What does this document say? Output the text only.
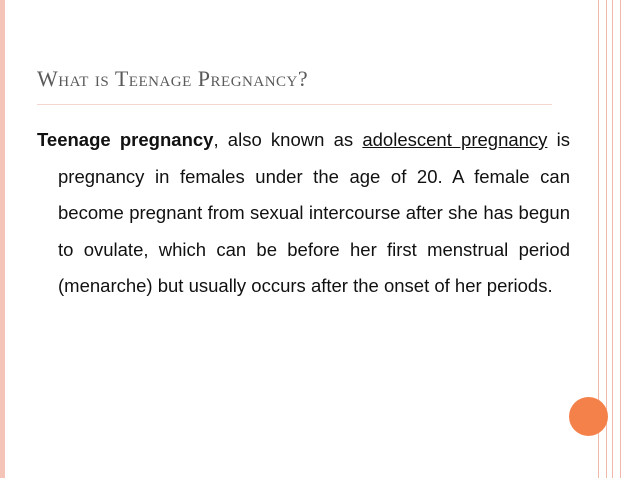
What is Teenage Pregnancy?
Teenage pregnancy, also known as adolescent pregnancy is pregnancy in females under the age of 20. A female can become pregnant from sexual intercourse after she has begun to ovulate, which can be before her first menstrual period (menarche) but usually occurs after the onset of her periods.
